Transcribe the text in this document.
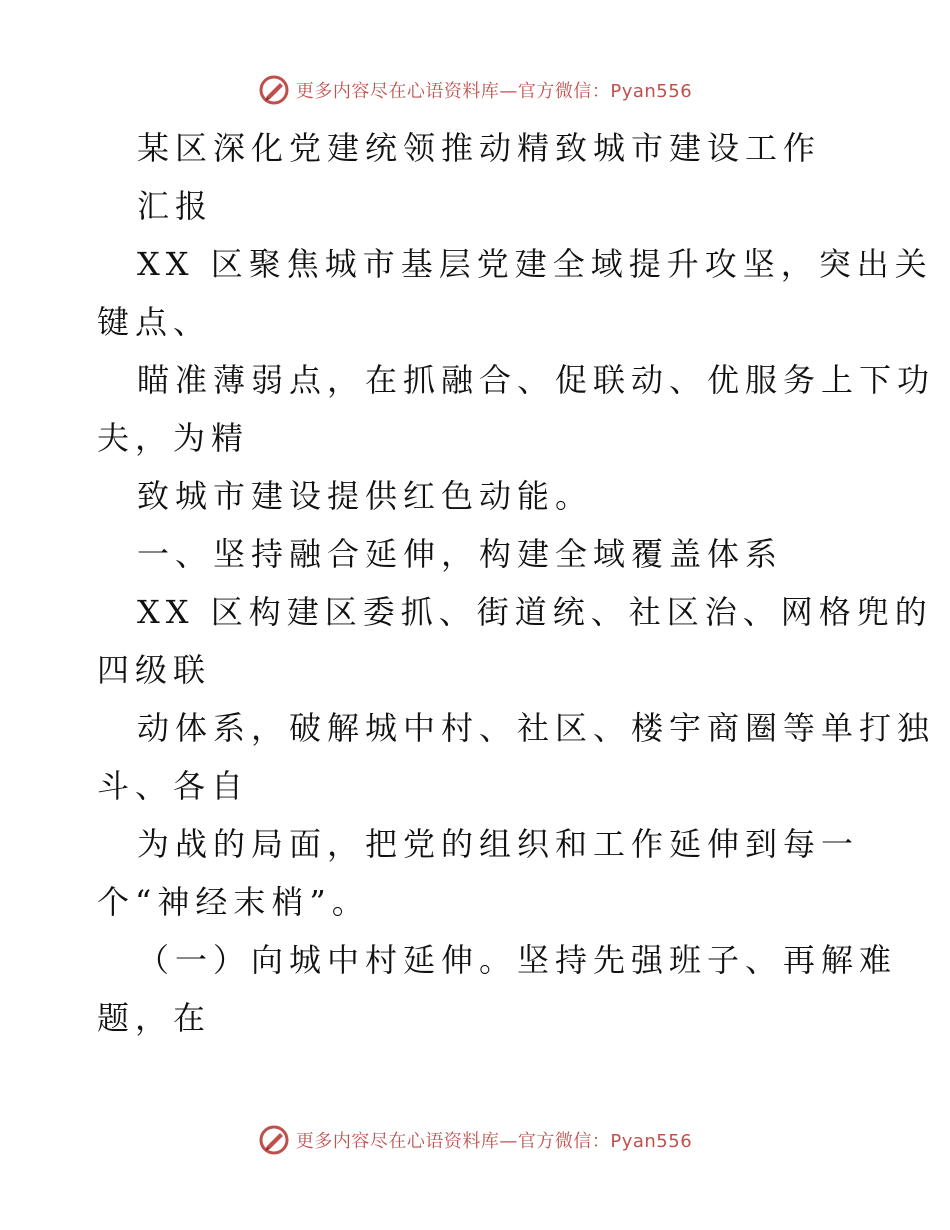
更多内容尽在心语资料库—官方微信：Pyan556
某区深化党建统领推动精致城市建设工作
汇报
XX 区聚焦城市基层党建全域提升攻坚，突出关
键点、
瞄准薄弱点，在抓融合、促联动、优服务上下功
夫，为精
致城市建设提供红色动能。
一、坚持融合延伸，构建全域覆盖体系
XX 区构建区委抓、街道统、社区治、网格兜的
四级联
动体系，破解城中村、社区、楼宇商圈等单打独
斗、各自
为战的局面，把党的组织和工作延伸到每一
个“神经末梢”。
（一）向城中村延伸。坚持先强班子、再解难
题，在
更多内容尽在心语资料库—官方微信：Pyan556
